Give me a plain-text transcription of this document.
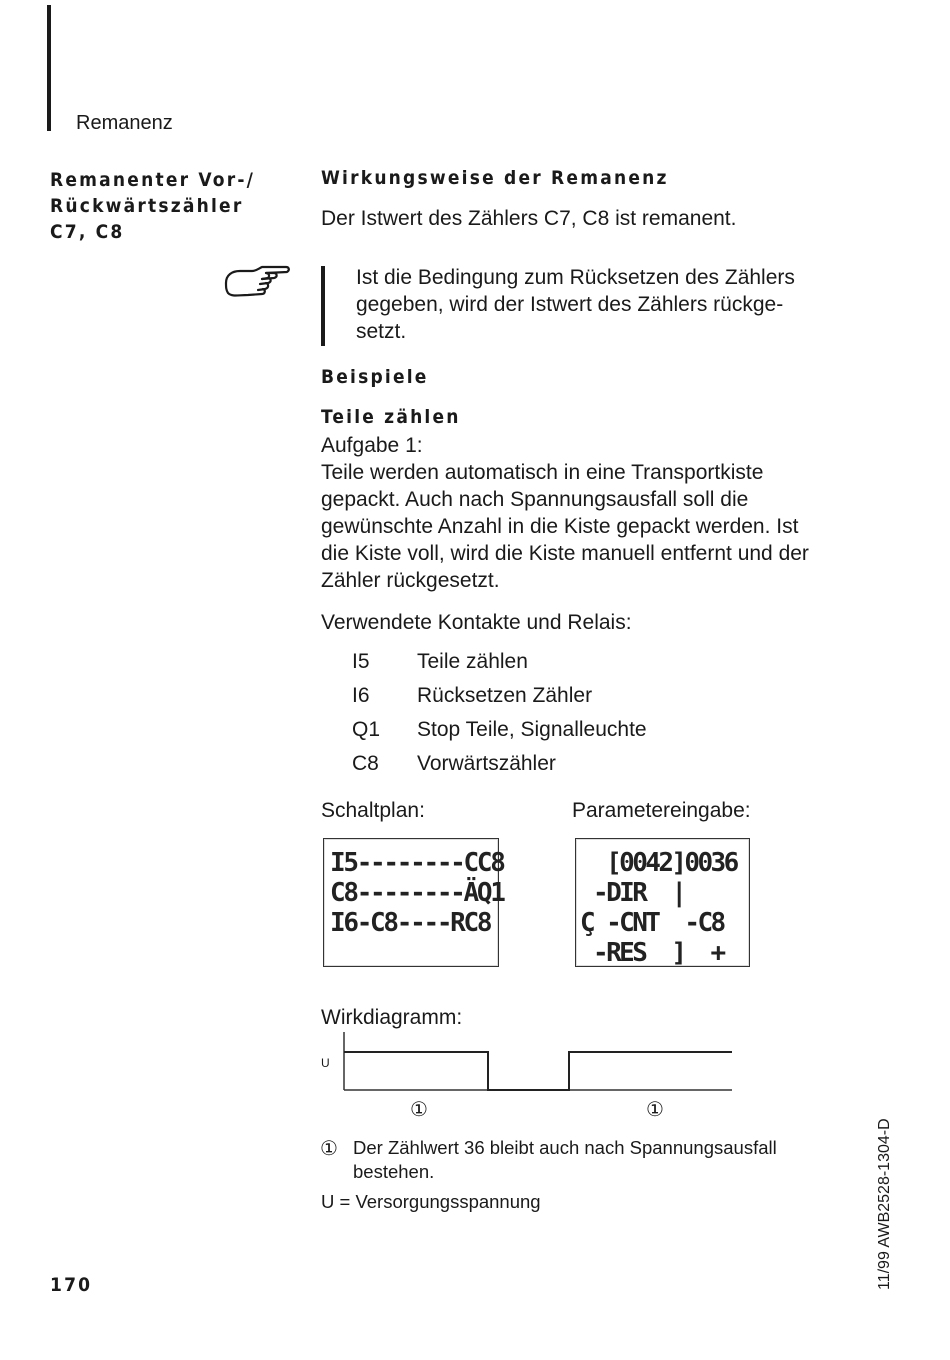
Remanenz
Remanenter Vor-/
Rückwärtszähler
C7, C8
Wirkungsweise der Remanenz
Der Istwert des Zählers C7, C8 ist remanent.
Ist die Bedingung zum Rücksetzen des Zählers
gegeben, wird der Istwert des Zählers rückge-
setzt.
Beispiele
Teile zählen
Aufgabe 1:
Teile werden automatisch in eine Transportkiste
gepackt. Auch nach Spannungsausfall soll die
gewünschte Anzahl in die Kiste gepackt werden. Ist
die Kiste voll, wird die Kiste manuell entfernt und der
Zähler rückgesetzt.
Verwendete Kontakte und Relais:
I5 Teile zählen
I6 Rücksetzen Zähler
Q1 Stop Teile, Signalleuchte
C8 Vorwärtszähler
Schaltplan:	Parametereingabe:
I5--------CC8
C8--------ÄQ1
I6-C8----RC8
[0042]0036
-DIR  |
Ç -CNT  -C8
-RES  ]  +
Wirkdiagramm:
U
①	①
① Der Zählwert 36 bleibt auch nach Spannungsausfall
bestehen.
U = Versorgungsspannung
170	11/99 AWB2528-1304-D
